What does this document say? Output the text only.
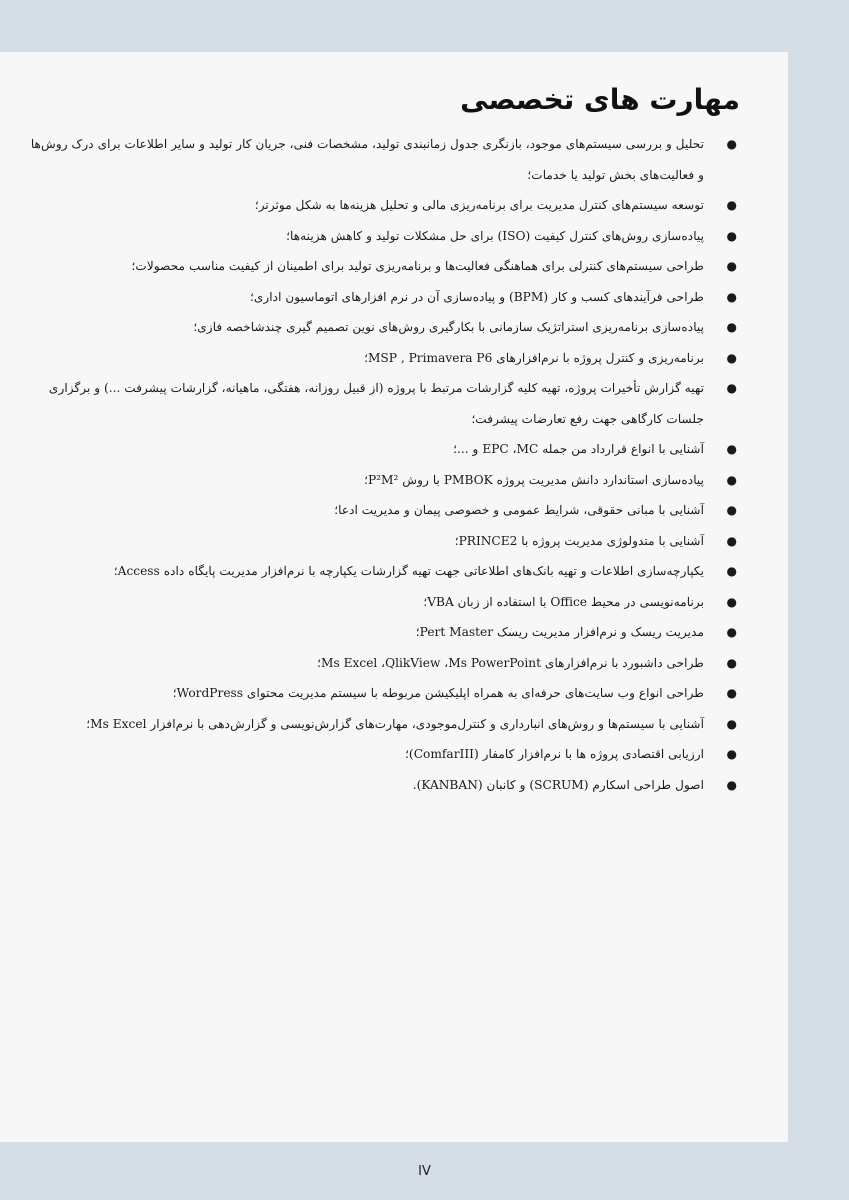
مهارت های تخصصی
●
تحلیل و بررسی سیستم‌های موجود، بازنگری جدول زمانبندی تولید، مشخصات فنی، جریان کار تولید و سایر اطلاعات برای درک روش‌ها و فعالیت‌های بخش تولید یا خدمات؛
●
توسعه سیستم‌های کنترل مدیریت برای برنامه‌ریزی مالی و تحلیل هزینه‌ها به شکل موثرتر؛
●
پیاده‌سازی روش‌های کنترل کیفیت (ISO) برای حل مشکلات تولید و کاهش هزینه‌ها؛
●
طراحی سیستم‌های کنترلی برای هماهنگی فعالیت‌ها و برنامه‌ریزی تولید برای اطمینان از کیفیت مناسب محصولات؛
●
طراحی فرآیندهای کسب و کار (BPM) و پیاده‌سازی آن در نرم افزارهای اتوماسیون اداری؛
●
پیاده‌سازی برنامه‌ریزی استراتژیک سازمانی با بکارگیری روش‌های نوین تصمیم گیری چندشاخصه فازی؛
●
برنامه‌ریزی و کنترل پروژه با نرم‌افزارهای MSP , Primavera P6؛
●
تهیه گزارش تأخیرات پروژه، تهیه کلیه گزارشات مرتبط با پروژه (از قبیل روزانه، هفتگی، ماهیانه، گزارشات پیشرفت ...) و برگزاری جلسات کارگاهی جهت رفع تعارضات پیشرفت؛
●
آشنایی با انواع قرارداد من جمله EPC ،MC و ...؛
●
پیاده‌سازی استاندارد دانش مدیریت پروژه PMBOK با روش P²M²؛
●
آشنایی با مبانی حقوقی، شرایط عمومی و خصوصی پیمان و مدیریت ادعا؛
●
آشنایی با متدولوژی مدیریت پروژه با PRINCE2؛
●
یکپارچه‌سازی اطلاعات و تهیه بانک‌های اطلاعاتی جهت تهیه گزارشات یکپارچه با نرم‌افزار مدیریت پایگاه داده Access؛
●
برنامه‌نویسی در محیط Office با استفاده از زبان VBA؛
●
مدیریت ریسک و نرم‌افزار مدیریت ریسک Pert Master؛
●
طراحی داشبورد با نرم‌افزارهای Ms Excel ،QlikView ،Ms PowerPoint؛
●
طراحی انواع وب سایت‌های حرفه‌ای به همراه اپلیکیشن مربوطه با سیستم مدیریت محتوای WordPress؛
●
آشنایی با سیستم‌ها و روش‌های انبارداری و کنترل‌موجودی، مهارت‌های گزارش‌نویسی و گزارش‌دهی با نرم‌افزار Ms Excel؛
●
ارزیابی اقتصادی پروژه ها با نرم‌افزار کامفار (ComfarIII)؛
●
اصول طراحی اسکارم (SCRUM) و کانبان (KANBAN).
IV
